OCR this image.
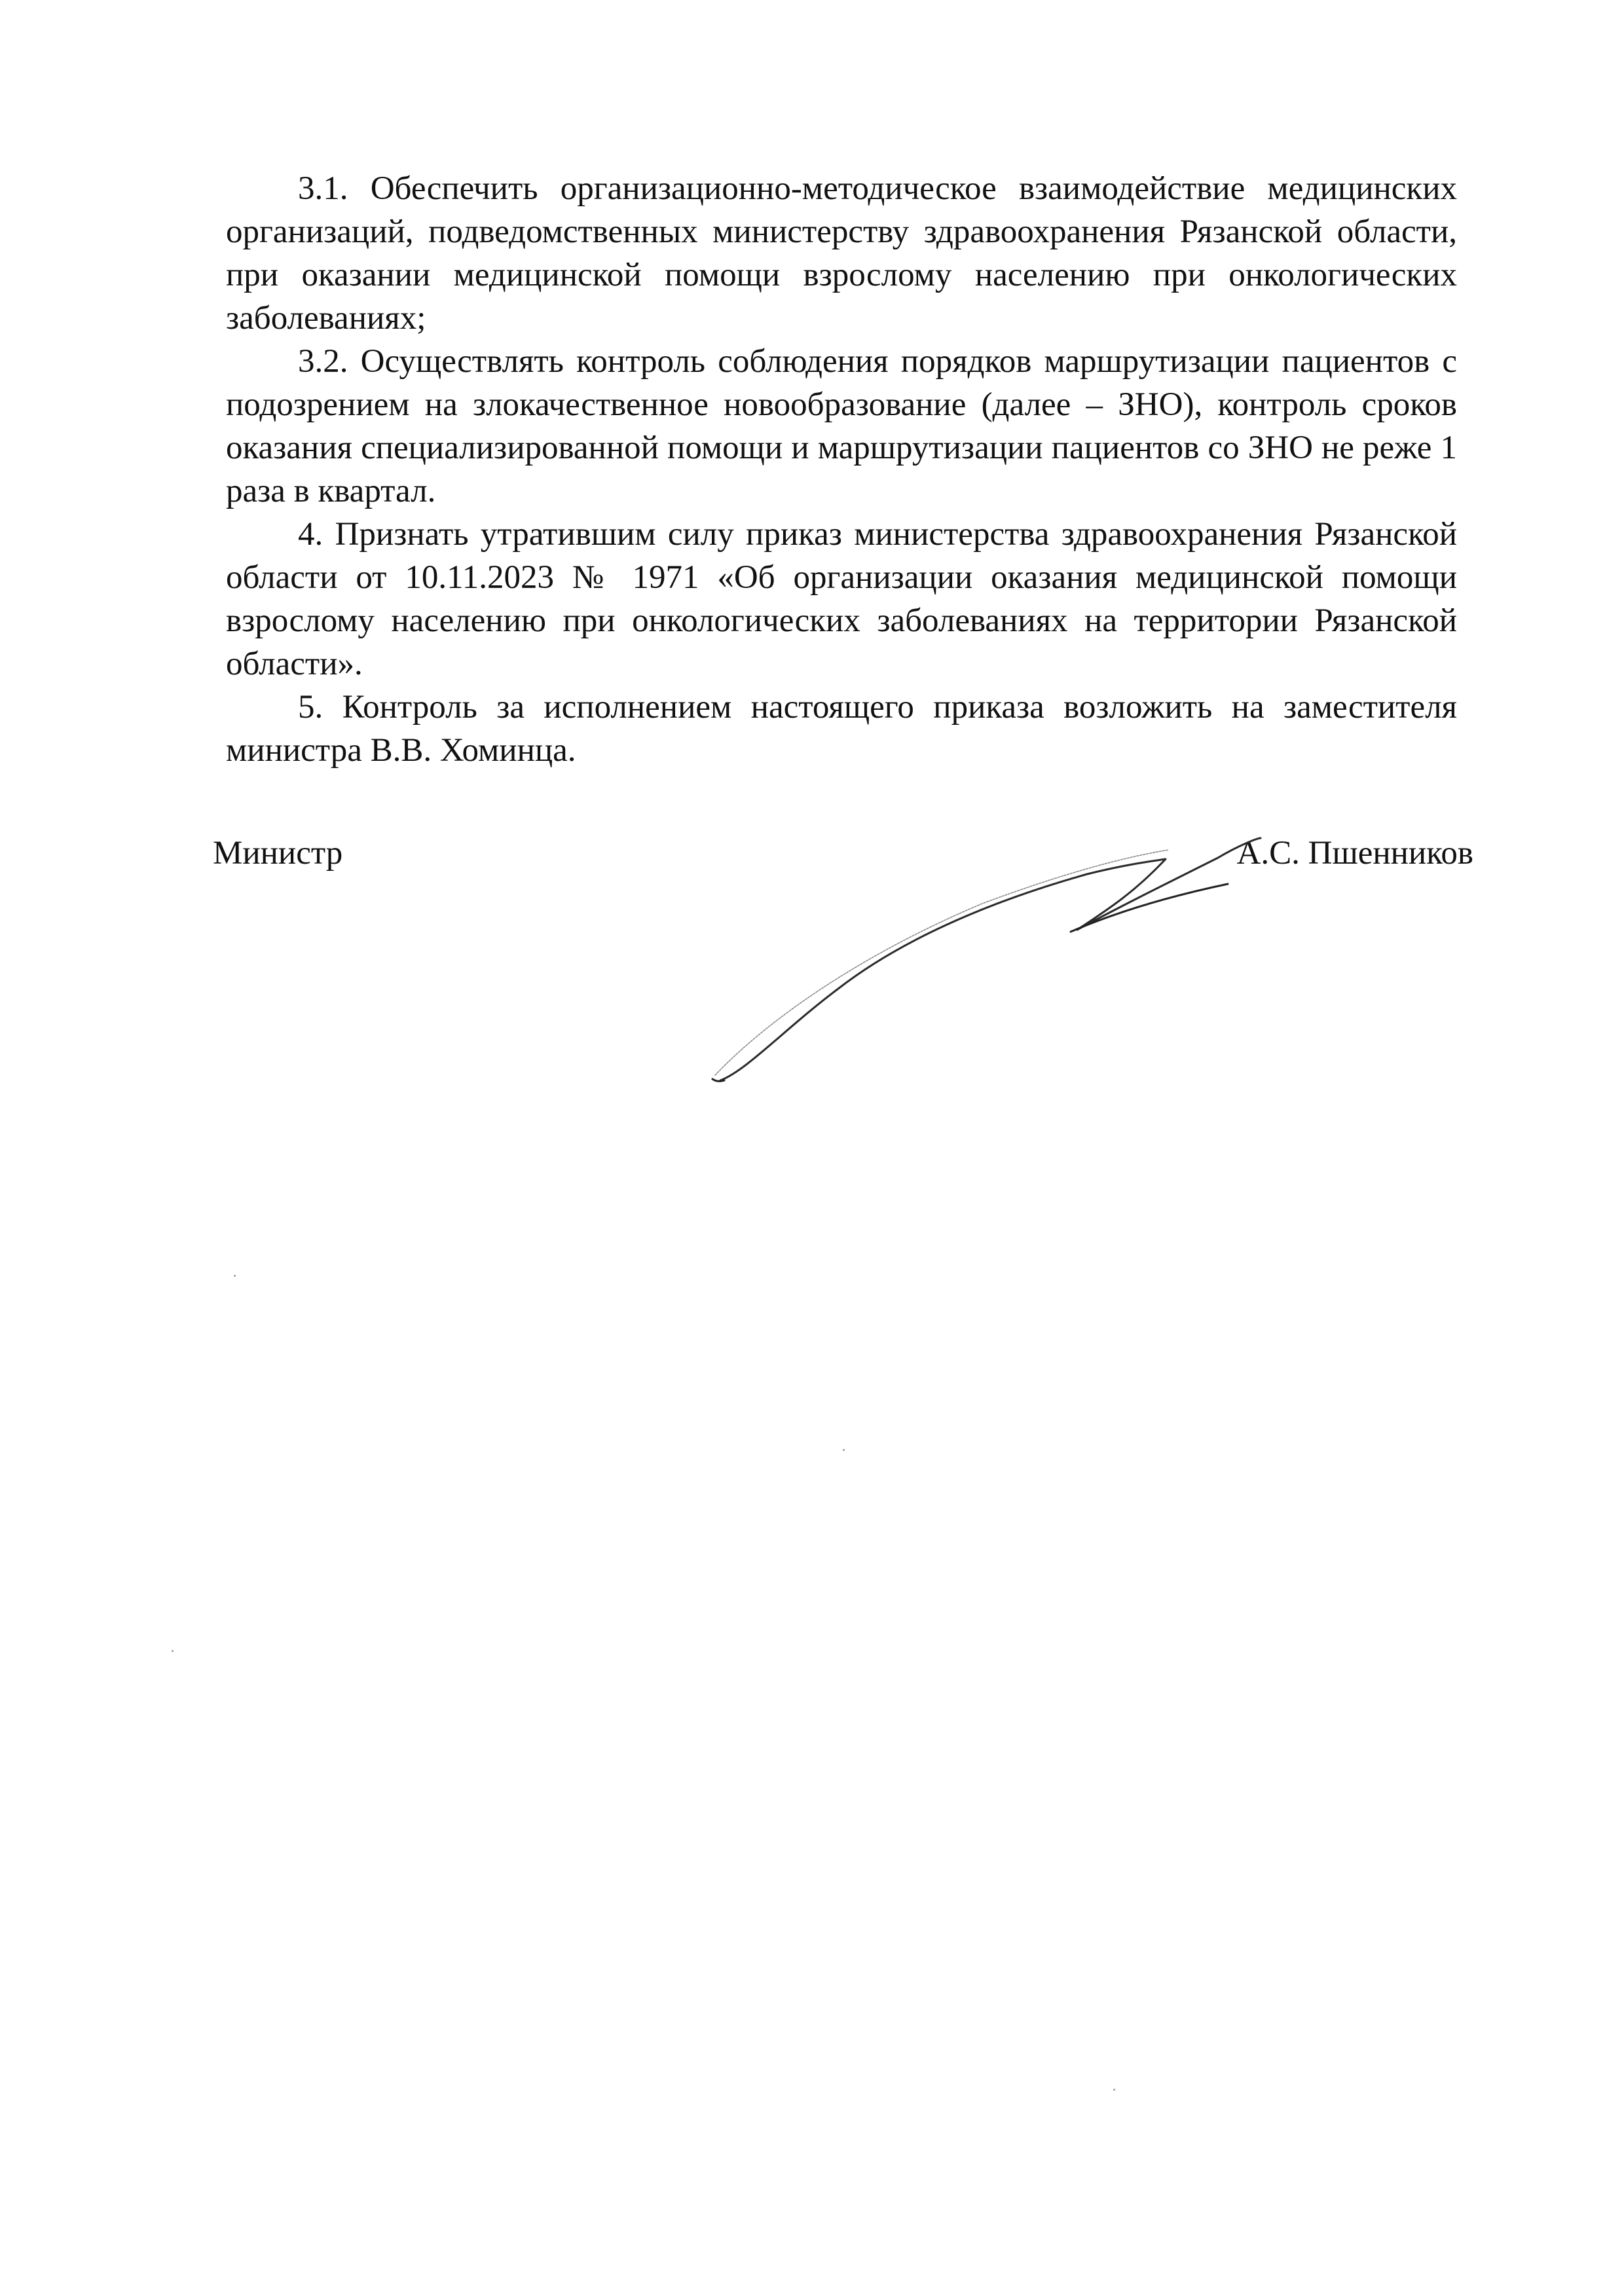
3.1. Обеспечить организационно-методическое взаимодействие медицинских организаций, подведомственных министерству здравоохранения Рязанской области, при оказании медицинской помощи взрослому населению при онкологических заболеваниях;

3.2. Осуществлять контроль соблюдения порядков маршрутизации пациентов с подозрением на злокачественное новообразование (далее – ЗНО), контроль сроков оказания специализированной помощи и маршрутизации пациентов со ЗНО не реже 1 раза в квартал.

4. Признать утратившим силу приказ министерства здравоохранения Рязанской области от 10.11.2023 № 1971 «Об организации оказания медицинской помощи взрослому населению при онкологических заболеваниях на территории Рязанской области».

5. Контроль за исполнением настоящего приказа возложить на заместителя министра В.В. Хоминца.

Министр	А.С. Пшенников
